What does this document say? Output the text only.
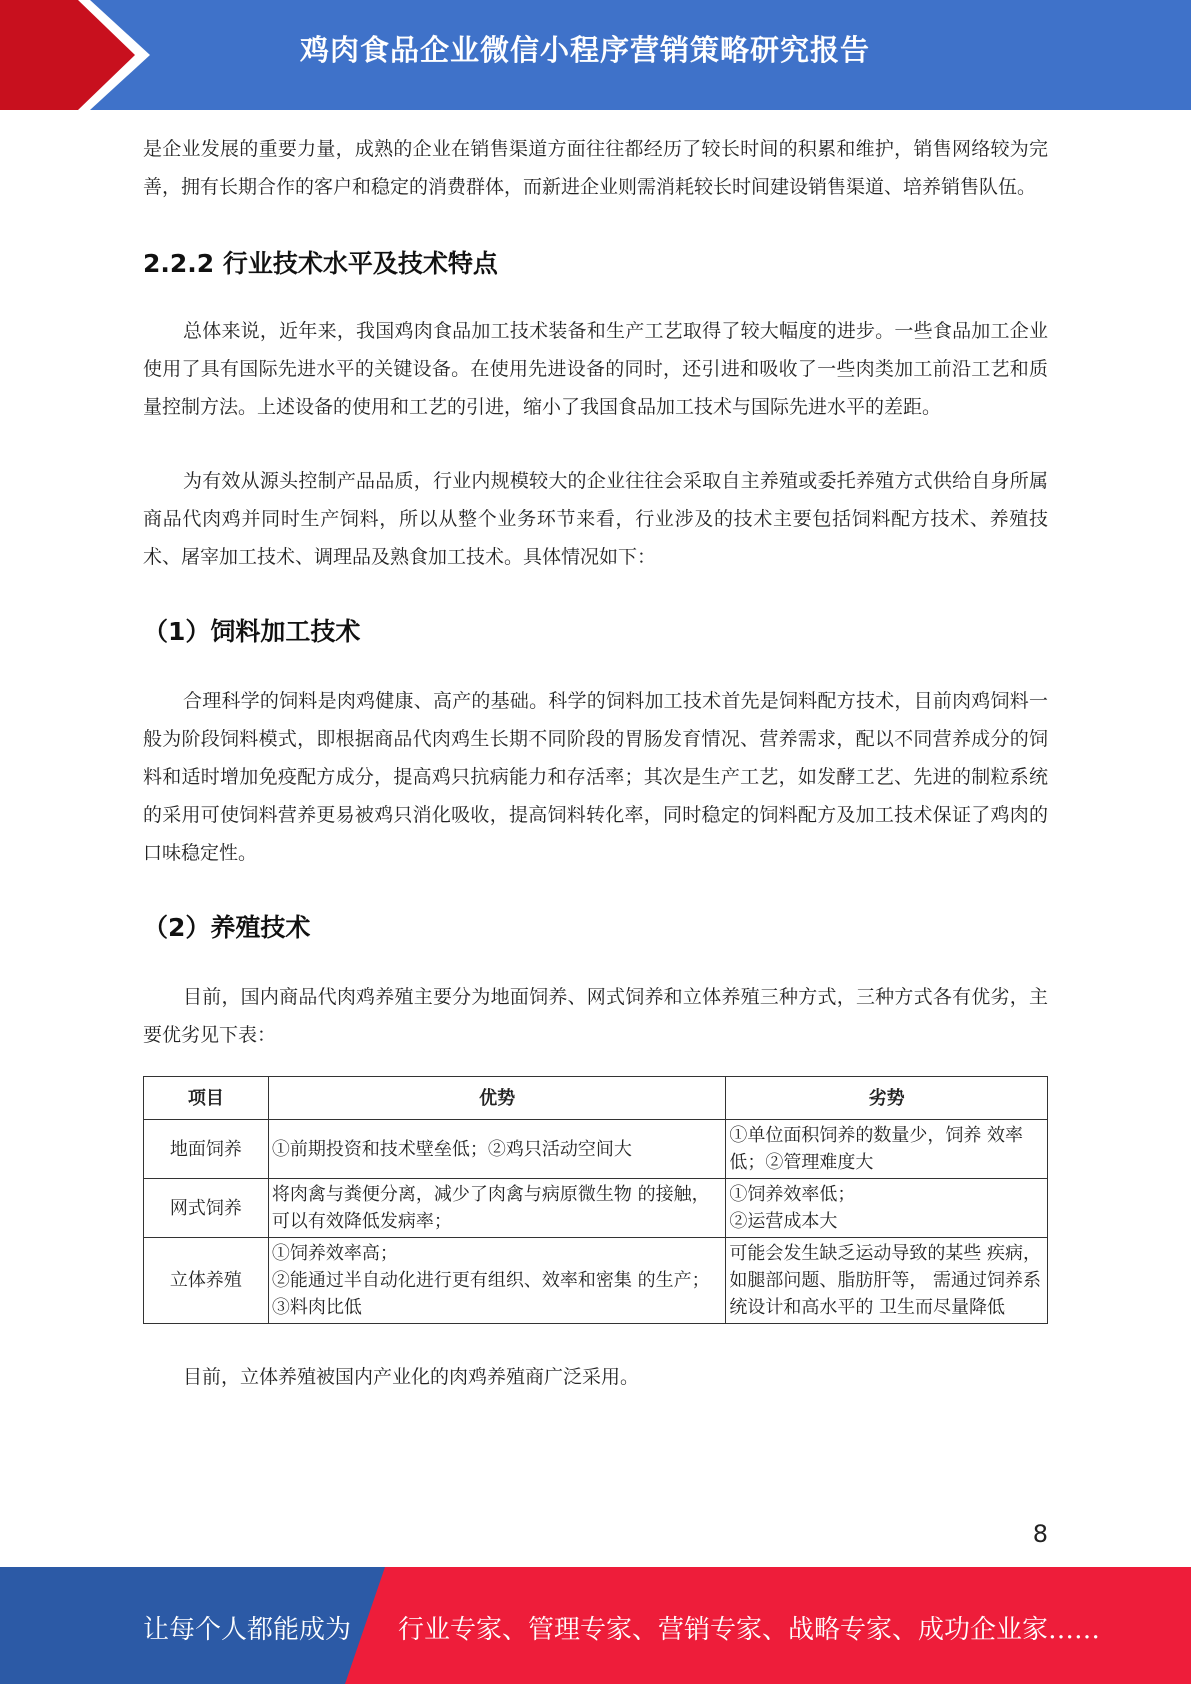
鸡肉食品企业微信小程序营销策略研究报告

是企业发展的重要力量，成熟的企业在销售渠道方面往往都经历了较长时间的积累和维护，销售网络较为完善，拥有长期合作的客户和稳定的消费群体，而新进企业则需消耗较长时间建设销售渠道、培养销售队伍。

2.2.2 行业技术水平及技术特点

总体来说，近年来，我国鸡肉食品加工技术装备和生产工艺取得了较大幅度的进步。一些食品加工企业使用了具有国际先进水平的关键设备。在使用先进设备的同时，还引进和吸收了一些肉类加工前沿工艺和质量控制方法。上述设备的使用和工艺的引进，缩小了我国食品加工技术与国际先进水平的差距。

为有效从源头控制产品品质，行业内规模较大的企业往往会采取自主养殖或委托养殖方式供给自身所属商品代肉鸡并同时生产饲料，所以从整个业务环节来看，行业涉及的技术主要包括饲料配方技术、养殖技术、屠宰加工技术、调理品及熟食加工技术。具体情况如下：

（1）饲料加工技术

合理科学的饲料是肉鸡健康、高产的基础。科学的饲料加工技术首先是饲料配方技术，目前肉鸡饲料一般为阶段饲料模式，即根据商品代肉鸡生长期不同阶段的胃肠发育情况、营养需求，配以不同营养成分的饲料和适时增加免疫配方成分，提高鸡只抗病能力和存活率；其次是生产工艺，如发酵工艺、先进的制粒系统的采用可使饲料营养更易被鸡只消化吸收，提高饲料转化率，同时稳定的饲料配方及加工技术保证了鸡肉的口味稳定性。

（2）养殖技术

目前，国内商品代肉鸡养殖主要分为地面饲养、网式饲养和立体养殖三种方式，三种方式各有优劣，主要优劣见下表：

项目	优势	劣势
地面饲养	①前期投资和技术壁垒低；②鸡只活动空间大	①单位面积饲养的数量少，饲养 效率低；②管理难度大

网式饲养	将肉禽与粪便分离，减少了肉禽与病原微生物 的接触，可以有效降低发病率；	①饲养效率低；
②运营成本大

立体养殖	①饲养效率高；
②能通过半自动化进行更有组织、效率和密集 的生产；
③料肉比低	可能会发生缺乏运动导致的某些 疾病，如腿部问题、脂肪肝等， 需通过饲养系统设计和高水平的 卫生而尽量降低

目前，立体养殖被国内产业化的肉鸡养殖商广泛采用。

8
让每个人都能成为 行业专家、管理专家、营销专家、战略专家、成功企业家……
